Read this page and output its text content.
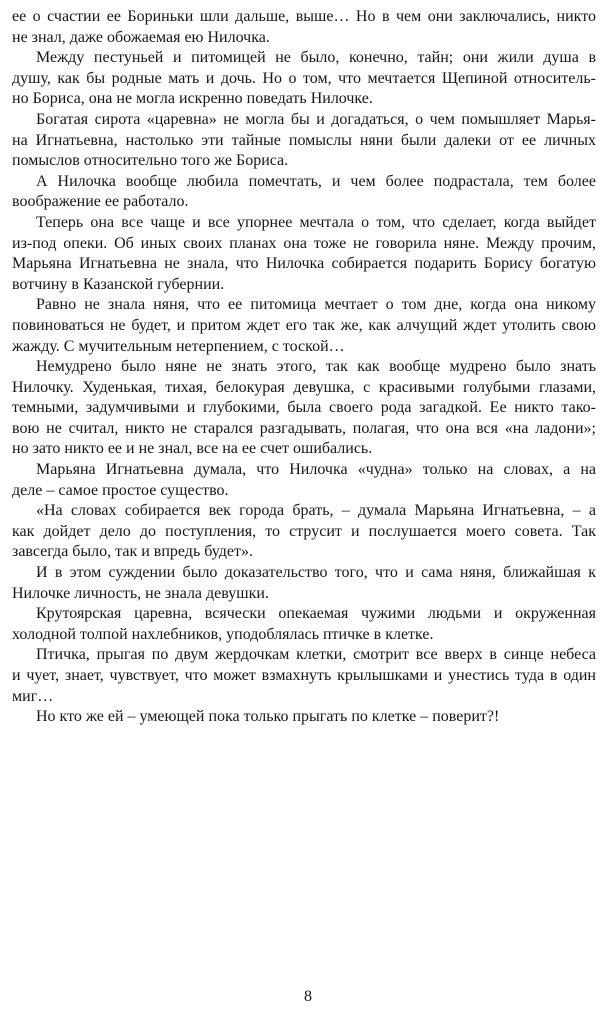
ее о счастии ее Бориньки шли дальше, выше… Но в чем они заключались, никто
не знал, даже обожаемая ею Нилочка.
Между пестуньей и питомицей не было, конечно, тайн; они жили душа в
душу, как бы родные мать и дочь. Но о том, что мечтается Щепиной относитель-
но Бориса, она не могла искренно поведать Нилочке.
Богатая сирота «царевна» не могла бы и догадаться, о чем помышляет Марья-
на Игнатьевна, настолько эти тайные помыслы няни были далеки от ее личных
помыслов относительно того же Бориса.
А Нилочка вообще любила помечтать, и чем более подрастала, тем более
воображение ее работало.
Теперь она все чаще и все упорнее мечтала о том, что сделает, когда выйдет
из-под опеки. Об иных своих планах она тоже не говорила няне. Между прочим,
Марьяна Игнатьевна не знала, что Нилочка собирается подарить Борису богатую
вотчину в Казанской губернии.
Равно не знала няня, что ее питомица мечтает о том дне, когда она никому
повиноваться не будет, и притом ждет его так же, как алчущий ждет утолить свою
жажду. С мучительным нетерпением, с тоской…
Немудрено было няне не знать этого, так как вообще мудрено было знать
Нилочку. Худенькая, тихая, белокурая девушка, с красивыми голубыми глазами,
темными, задумчивыми и глубокими, была своего рода загадкой. Ее никто тако-
вою не считал, никто не старался разгадывать, полагая, что она вся «на ладони»;
но зато никто ее и не знал, все на ее счет ошибались.
Марьяна Игнатьевна думала, что Нилочка «чудна» только на словах, а на
деле – самое простое существо.
«На словах собирается век города брать, – думала Марьяна Игнатьевна, – а
как дойдет дело до поступления, то струсит и послушается моего совета. Так
завсегда было, так и впредь будет».
И в этом суждении было доказательство того, что и сама няня, ближайшая к
Нилочке личность, не знала девушки.
Крутоярская царевна, всячески опекаемая чужими людьми и окруженная
холодной толпой нахлебников, уподоблялась птичке в клетке.
Птичка, прыгая по двум жердочкам клетки, смотрит все вверх в синце небеса
и чует, знает, чувствует, что может взмахнуть крылышками и унестись туда в один
миг…
Но кто же ей – умеющей пока только прыгать по клетке – поверит?!
8
